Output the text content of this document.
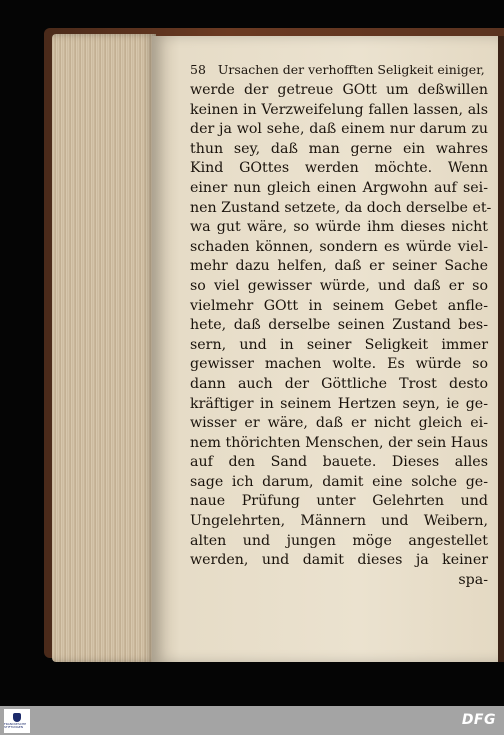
58 Ursachen der verhofften Seligkeit einiger,
werde der getreue GOtt um deßwillen
keinen in Verzweifelung fallen lassen, als
der ja wol sehe, daß einem nur darum zu
thun sey, daß man gerne ein wahres
Kind GOttes werden möchte. Wenn
einer nun gleich einen Argwohn auf sei-
nen Zustand setzete, da doch derselbe et-
wa gut wäre, so würde ihm dieses nicht
schaden können, sondern es würde viel-
mehr dazu helfen, daß er seiner Sache
so viel gewisser würde, und daß er so
vielmehr GOtt in seinem Gebet anfle-
hete, daß derselbe seinen Zustand bes-
sern, und in seiner Seligkeit immer
gewisser machen wolte. Es würde so
dann auch der Göttliche Trost desto
kräftiger in seinem Hertzen seyn, ie ge-
wisser er wäre, daß er nicht gleich ei-
nem thörichten Menschen, der sein Haus
auf den Sand bauete. Dieses alles
sage ich darum, damit eine solche ge-
naue Prüfung unter Gelehrten und
Ungelehrten, Männern und Weibern,
alten und jungen möge angestellet
werden, und damit dieses ja keiner
spa-
FRANCKESCHE STIFTUNGEN	DFG
